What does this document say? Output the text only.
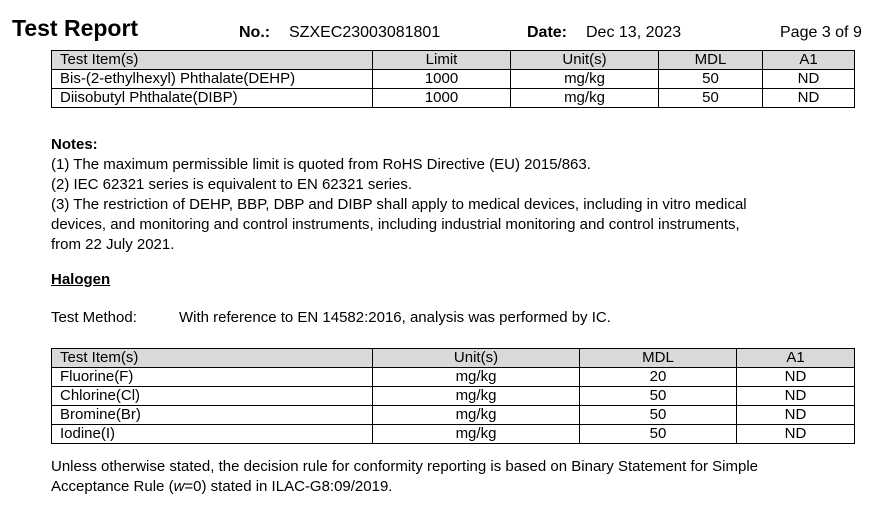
Test Report	No.: SZXEC23003081801	Date: Dec 13, 2023	Page 3 of 9
Test Item(s)	Limit	Unit(s)	MDL	A1
Bis-(2-ethylhexyl) Phthalate(DEHP)	1000	mg/kg	50	ND
Diisobutyl Phthalate(DIBP)	1000	mg/kg	50	ND
Notes:
(1) The maximum permissible limit is quoted from RoHS Directive (EU) 2015/863.
(2) IEC 62321 series is equivalent to EN 62321 series.
(3) The restriction of DEHP, BBP, DBP and DIBP shall apply to medical devices, including in vitro medical
devices, and monitoring and control instruments, including industrial monitoring and control instruments,
from 22 July 2021.
Halogen
Test Method:	With reference to EN 14582:2016, analysis was performed by IC.
Test Item(s)	Unit(s)	MDL	A1
Fluorine(F)	mg/kg	20	ND
Chlorine(Cl)	mg/kg	50	ND
Bromine(Br)	mg/kg	50	ND
Iodine(I)	mg/kg	50	ND
Unless otherwise stated, the decision rule for conformity reporting is based on Binary Statement for Simple
Acceptance Rule (w=0) stated in ILAC-G8:09/2019.
